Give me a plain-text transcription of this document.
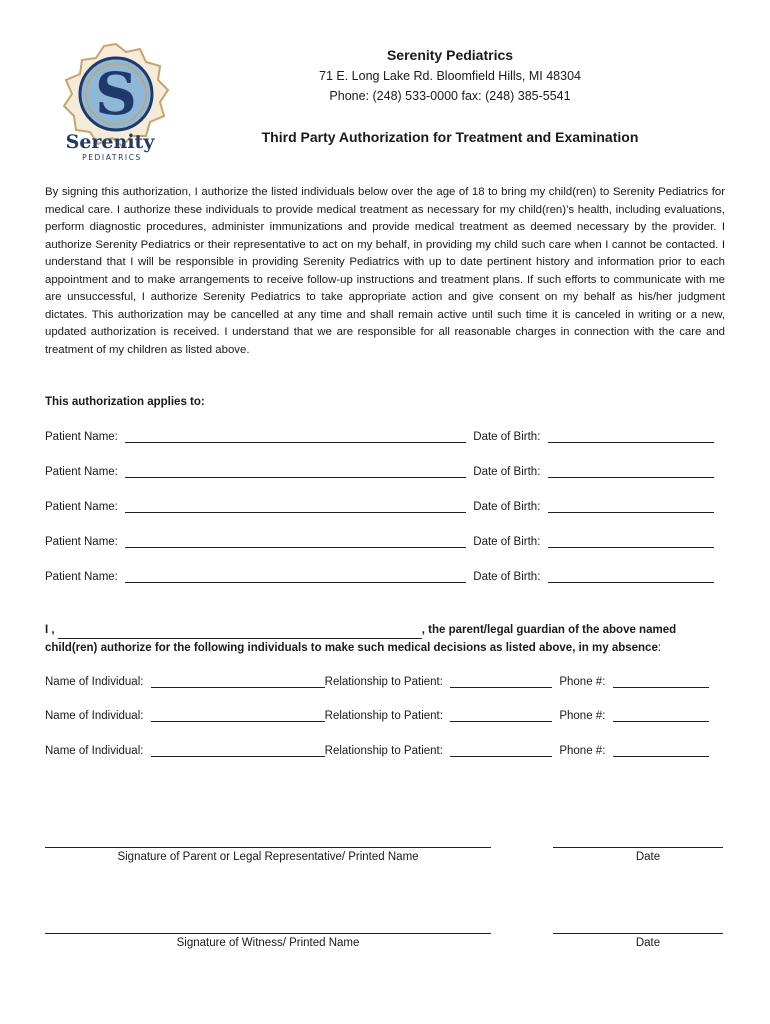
S
Serenity
PEDIATRICS
Serenity Pediatrics
71 E. Long Lake Rd. Bloomfield Hills, MI 48304
Phone: (248) 533-0000 fax: (248) 385-5541
Third Party Authorization for Treatment and Examination

By signing this authorization, I authorize the listed individuals below over the age of 18 to bring my child(ren) to Serenity Pediatrics for medical care. I authorize these individuals to provide medical treatment as necessary for my child(ren)’s health, including evaluations, perform diagnostic procedures, administer immunizations and provide medical treatment as deemed necessary by the provider. I authorize Serenity Pediatrics or their representative to act on my behalf, in providing my child such care when I cannot be contacted. I understand that I will be responsible in providing Serenity Pediatrics with up to date pertinent history and information prior to each appointment and to make arrangements to receive follow-up instructions and treatment plans. If such efforts to communicate with me are unsuccessful, I authorize Serenity Pediatrics to take appropriate action and give consent on my behalf as his/her judgment dictates. This authorization may be cancelled at any time and shall remain active until such time it is canceled in writing or a new, updated authorization is received. I understand that we are responsible for all reasonable charges in connection with the care and treatment of my children as listed above.

This authorization applies to:
Patient Name:	Date of Birth:
Patient Name:	Date of Birth:
Patient Name:	Date of Birth:
Patient Name:	Date of Birth:
Patient Name:	Date of Birth:
I ,	, the parent/legal guardian of the above named
child(ren) authorize for the following individuals to make such medical decisions as listed above, in my absence:
Name of Individual:	Relationship to Patient:	Phone #:
Name of Individual:	Relationship to Patient:	Phone #:
Name of Individual:	Relationship to Patient:	Phone #:
Signature of Parent or Legal Representative/ Printed Name	Date
Signature of Witness/ Printed Name	Date
